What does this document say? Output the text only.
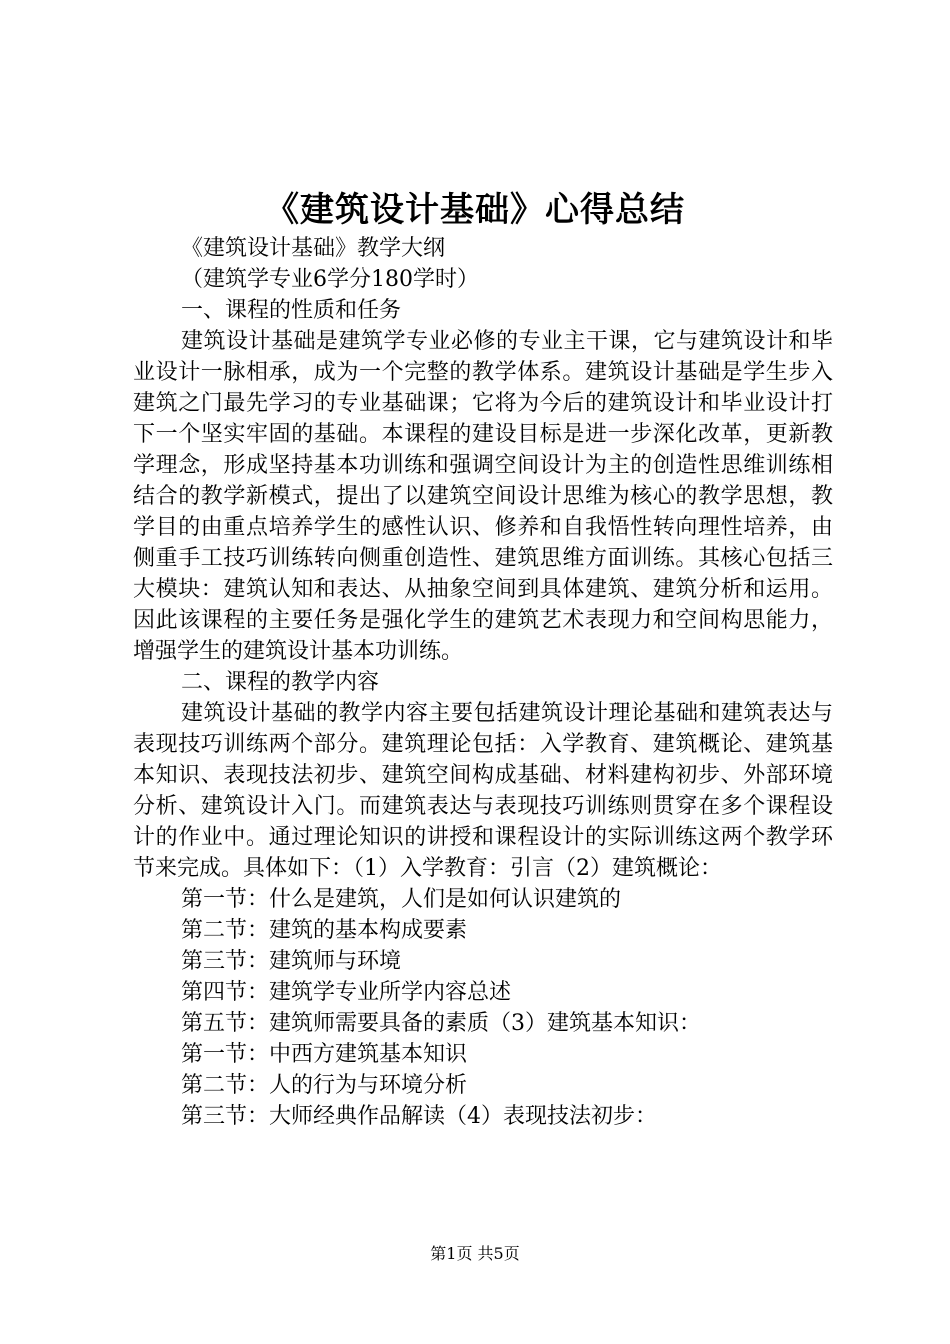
《建筑设计基础》心得总结

《建筑设计基础》教学大纲

（建筑学专业6学分180学时）

一、课程的性质和任务

建筑设计基础是建筑学专业必修的专业主干课，它与建筑设计和毕业设计一脉相承，成为一个完整的教学体系。建筑设计基础是学生步入建筑之门最先学习的专业基础课；它将为今后的建筑设计和毕业设计打下一个坚实牢固的基础。本课程的建设目标是进一步深化改革，更新教学理念，形成坚持基本功训练和强调空间设计为主的创造性思维训练相结合的教学新模式，提出了以建筑空间设计思维为核心的教学思想，教学目的由重点培养学生的感性认识、修养和自我悟性转向理性培养，由侧重手工技巧训练转向侧重创造性、建筑思维方面训练。其核心包括三大模块：建筑认知和表达、从抽象空间到具体建筑、建筑分析和运用。因此该课程的主要任务是强化学生的建筑艺术表现力和空间构思能力，增强学生的建筑设计基本功训练。

二、课程的教学内容

建筑设计基础的教学内容主要包括建筑设计理论基础和建筑表达与表现技巧训练两个部分。建筑理论包括：入学教育、建筑概论、建筑基本知识、表现技法初步、建筑空间构成基础、材料建构初步、外部环境分析、建筑设计入门。而建筑表达与表现技巧训练则贯穿在多个课程设计的作业中。通过理论知识的讲授和课程设计的实际训练这两个教学环节来完成。具体如下：（1）入学教育：引言（2）建筑概论：

第一节：什么是建筑，人们是如何认识建筑的

第二节：建筑的基本构成要素

第三节：建筑师与环境

第四节：建筑学专业所学内容总述

第五节：建筑师需要具备的素质（3）建筑基本知识：

第一节：中西方建筑基本知识

第二节：人的行为与环境分析

第三节：大师经典作品解读（4）表现技法初步：

第1页 共5页
